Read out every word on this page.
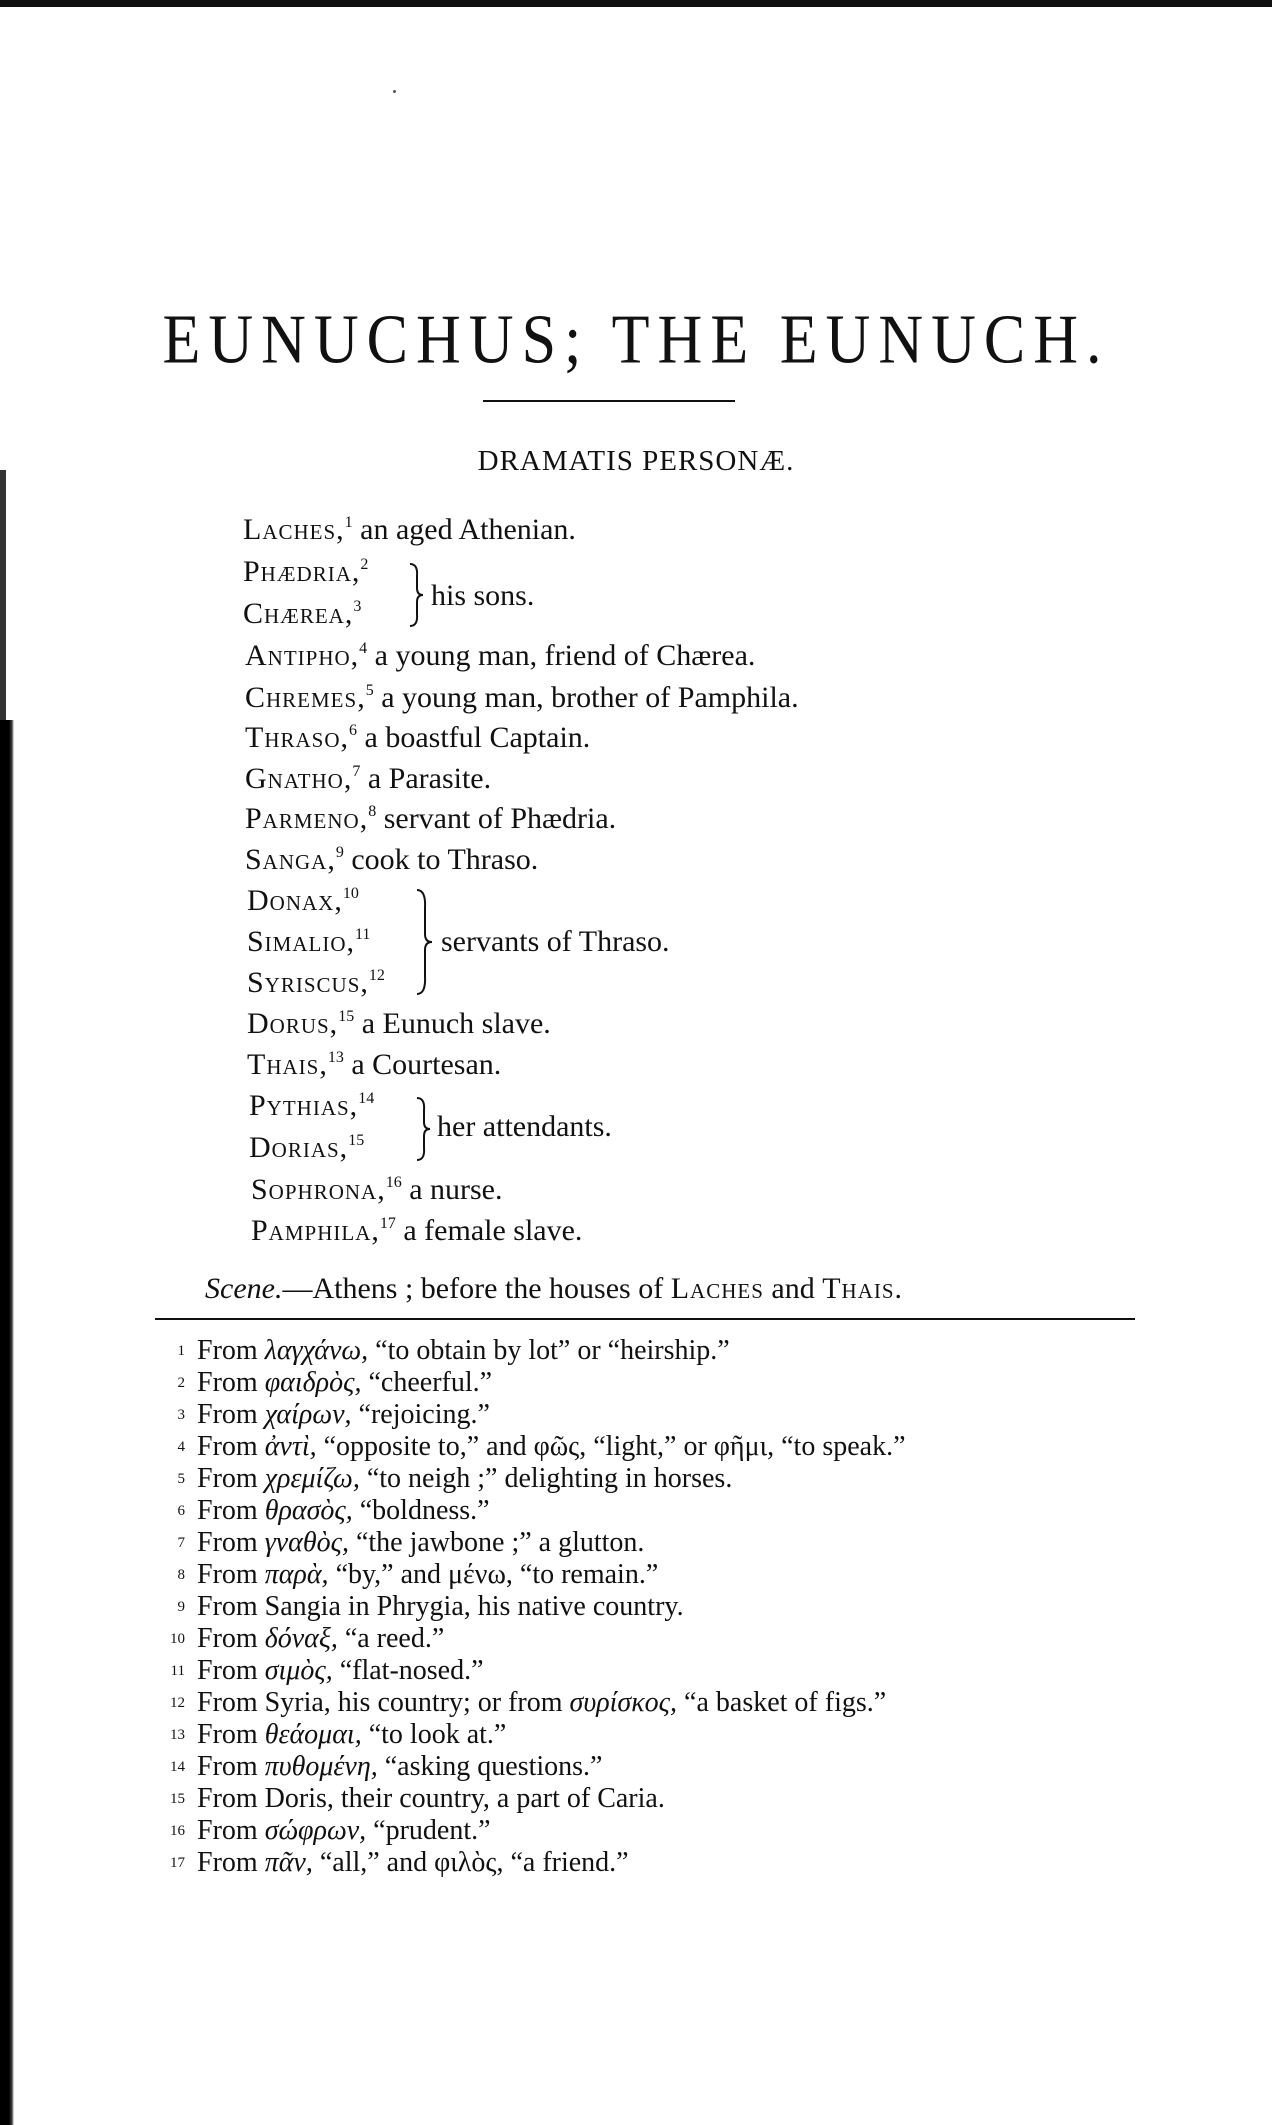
EUNUCHUS; THE EUNUCH.
DRAMATIS PERSONÆ.
Laches,$^1$ an aged Athenian.
Phædria,$^2$
Chærea,$^3$ his sons.
Antipho,$^4$ a young man, friend of Chærea.
Chremes,$^5$ a young man, brother of Pamphila.
Thraso,$^6$ a boastful Captain.
Gnatho,$^7$ a Parasite.
Parmeno,$^8$ servant of Phædria.
Sanga,$^9$ cook to Thraso.
Donax,$^{10}$
Simalio,$^{11}$
Syriscus,$^{12}$
servants of Thraso.
Dorus,$^{15}$ a Eunuch slave.
Thais,$^{13}$ a Courtesan.
Pythias,$^{14}$
Dorias,$^{15}$ her attendants.
Sophrona,$^{16}$ a nurse.
Pamphila,$^{17}$ a female slave.
Scene.—Athens ; before the houses of Laches and Thais.
1 From λαγχάνω, “to obtain by lot” or “heirship.”
2 From φαιδρὸς, “cheerful.”
3 From χαίρων, “rejoicing.”
4 From ἀντὶ, “opposite to,” and φῶς, “light,” or φῆμι, “to speak.”
5 From χρεμίζω, “to neigh ;” delighting in horses.
6 From θρασὸς, “boldness.”
7 From γναθὸς, “the jawbone ;” a glutton.
8 From παρὰ, “by,” and μένω, “to remain.”
9 From Sangia in Phrygia, his native country.
10 From δόναξ, “a reed.”
11 From σιμὸς, “flat-nosed.”
12 From Syria, his country; or from συρίσκος, “a basket of figs.”
13 From θεάομαι, “to look at.”
14 From πυθομένη, “asking questions.”
15 From Doris, their country, a part of Caria.
16 From σώφρων, “prudent.”
17 From πᾶν, “all,” and φιλὸς, “a friend.”
